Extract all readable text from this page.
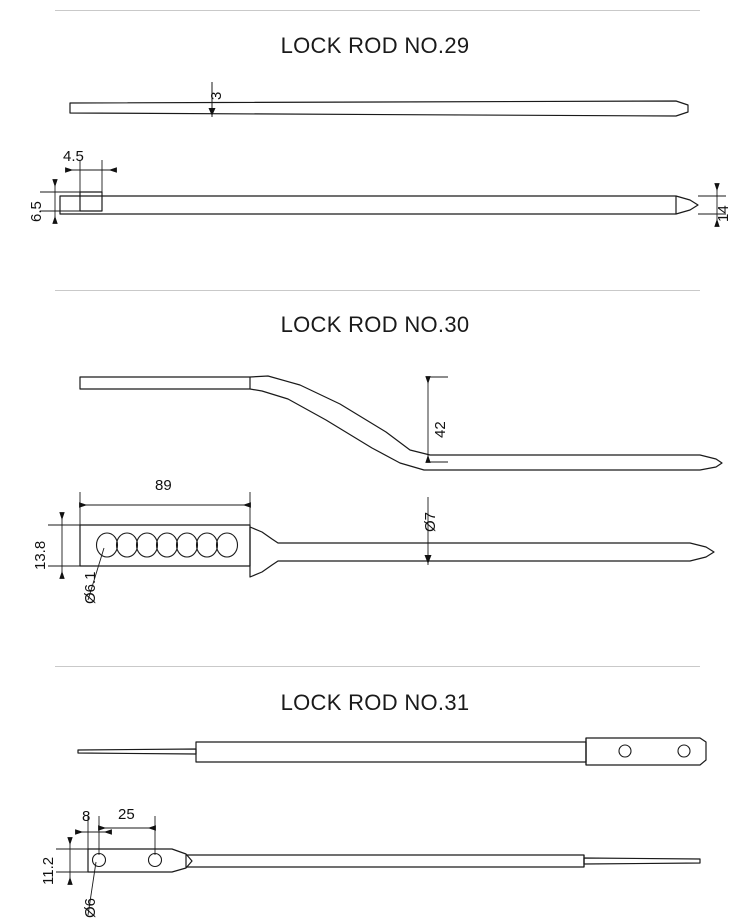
LOCK ROD NO.29
LOCK ROD NO.30
LOCK ROD NO.31
3
4.5
6.5	14
42
89
13.8
Ø6.1
Ø7
8 25
11.2
Ø6
